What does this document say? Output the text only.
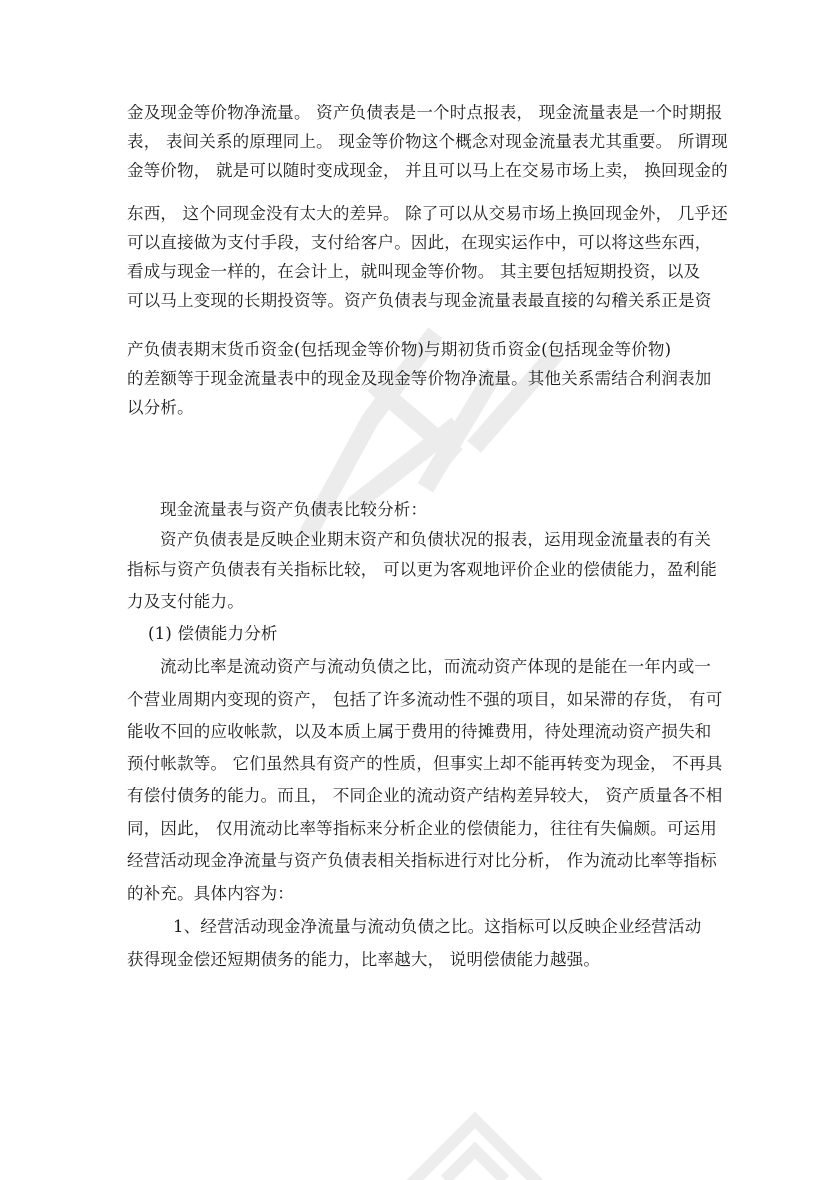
金及现金等价物净流量。 资产负债表是一个时点报表， 现金流量表是一个时期报
表， 表间关系的原理同上。 现金等价物这个概念对现金流量表尤其重要。 所谓现
金等价物， 就是可以随时变成现金， 并且可以马上在交易市场上卖， 换回现金的
东西， 这个同现金没有太大的差异。 除了可以从交易市场上换回现金外， 几乎还
可以直接做为支付手段，支付给客户。因此，在现实运作中，可以将这些东西，
看成与现金一样的，在会计上，就叫现金等价物。 其主要包括短期投资，以及
可以马上变现的长期投资等。资产负债表与现金流量表最直接的勾稽关系正是资
产负债表期末货币资金(包括现金等价物)与期初货币资金(包括现金等价物)
的差额等于现金流量表中的现金及现金等价物净流量。其他关系需结合利润表加
以分析。
现金流量表与资产负债表比较分析：
资产负债表是反映企业期末资产和负债状况的报表，运用现金流量表的有关
指标与资产负债表有关指标比较， 可以更为客观地评价企业的偿债能力，盈利能
力及支付能力。
(1) 偿债能力分析
流动比率是流动资产与流动负债之比，而流动资产体现的是能在一年内或一
个营业周期内变现的资产， 包括了许多流动性不强的项目，如呆滞的存货， 有可
能收不回的应收帐款，以及本质上属于费用的待摊费用，待处理流动资产损失和
预付帐款等。 它们虽然具有资产的性质，但事实上却不能再转变为现金， 不再具
有偿付债务的能力。而且， 不同企业的流动资产结构差异较大， 资产质量各不相
同，因此， 仅用流动比率等指标来分析企业的偿债能力，往往有失偏颇。可运用
经营活动现金净流量与资产负债表相关指标进行对比分析， 作为流动比率等指标
的补充。具体内容为：
1、经营活动现金净流量与流动负债之比。这指标可以反映企业经营活动
获得现金偿还短期债务的能力，比率越大， 说明偿债能力越强。
